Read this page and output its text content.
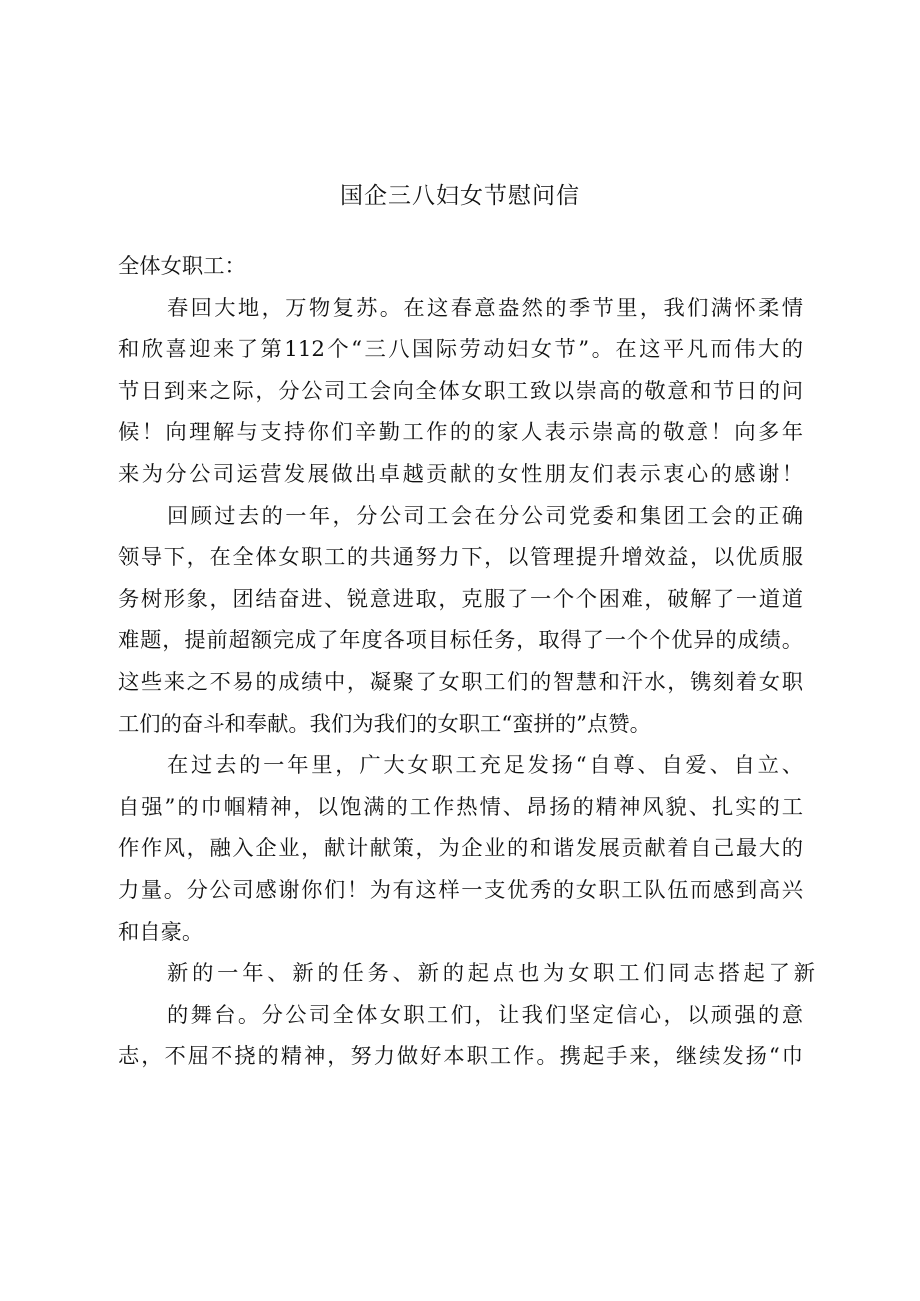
国企三八妇女节慰问信
全体女职工：
春回大地，万物复苏。在这春意盎然的季节里，我们满怀柔情
和欣喜迎来了第112个“三八国际劳动妇女节”。在这平凡而伟大的
节日到来之际，分公司工会向全体女职工致以崇高的敬意和节日的问
候！向理解与支持你们辛勤工作的的家人表示崇高的敬意！向多年
来为分公司运营发展做出卓越贡献的女性朋友们表示衷心的感谢！
回顾过去的一年，分公司工会在分公司党委和集团工会的正确
领导下，在全体女职工的共通努力下，以管理提升增效益，以优质服
务树形象，团结奋进、锐意进取，克服了一个个困难，破解了一道道
难题，提前超额完成了年度各项目标任务，取得了一个个优异的成绩。
这些来之不易的成绩中，凝聚了女职工们的智慧和汗水，镌刻着女职
工们的奋斗和奉献。我们为我们的女职工“蛮拼的”点赞。
在过去的一年里，广大女职工充足发扬“自尊、自爱、自立、
自强”的巾帼精神，以饱满的工作热情、昂扬的精神风貌、扎实的工
作作风，融入企业，献计献策，为企业的和谐发展贡献着自己最大的
力量。分公司感谢你们！为有这样一支优秀的女职工队伍而感到高兴
和自豪。
新的一年、新的任务、新的起点也为女职工们同志搭起了新
的舞台。分公司全体女职工们，让我们坚定信心，以顽强的意
志，不屈不挠的精神，努力做好本职工作。携起手来，继续发扬“巾
